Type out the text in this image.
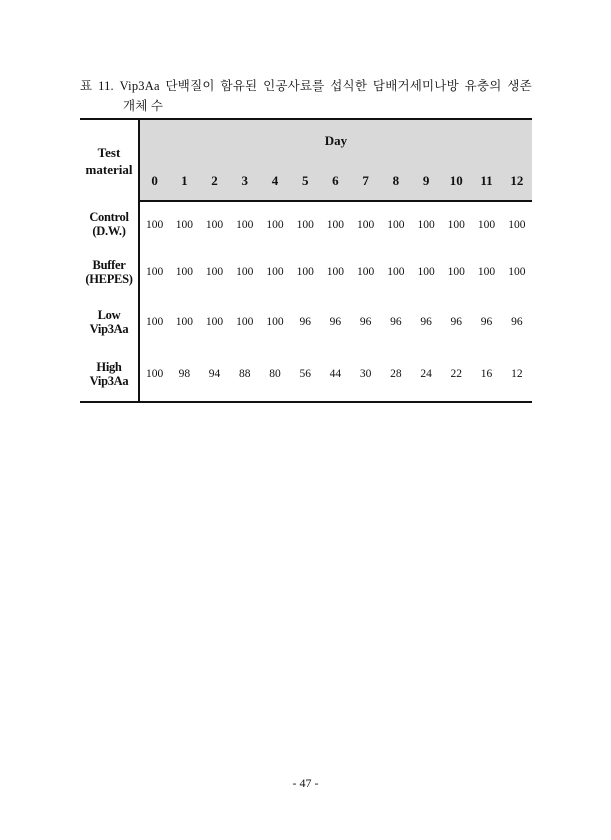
표 11. Vip3Aa 단백질이 함유된 인공사료를 섭식한 담배거세미나방 유충의 생존
개체 수
Test
material	Day												
	0	1	2	3	4	5	6	7	8	9	10	11	12

Control
(D.W.)	100	100	100	100	100	100	100	100	100	100	100	100	100

Buffer
(HEPES)	100	100	100	100	100	100	100	100	100	100	100	100	100

Low
Vip3Aa	100	100	100	100	100	96	96	96	96	96	96	96	96

High
Vip3Aa	100	98	94	88	80	56	44	30	28	24	22	16	12
- 47 -
